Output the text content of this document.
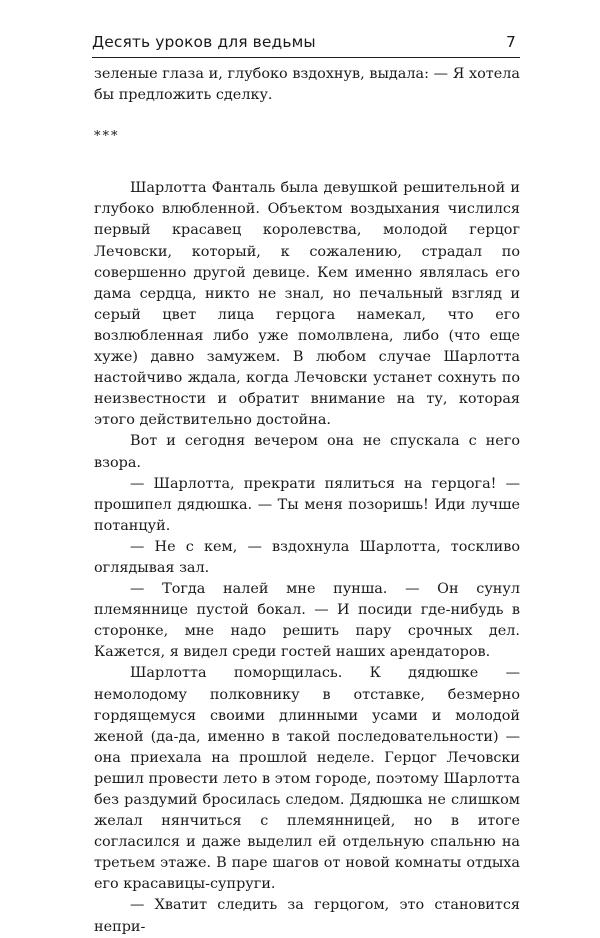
Десять уроков для ведьмы	7

зеленые глаза и, глубоко вздохнув, выдала: — Я хотела бы предложить сделку.

***

Шарлотта Фанталь была девушкой решительной и глубоко влюбленной. Объектом воздыхания числился первый красавец королевства, молодой герцог Лечовски, который, к сожалению, страдал по совершенно другой девице. Кем именно являлась его дама сердца, никто не знал, но печальный взгляд и серый цвет лица герцога намекал, что его возлюбленная либо уже помолвлена, либо (что еще хуже) давно замужем. В любом случае Шарлотта настойчиво ждала, когда Лечовски устанет сохнуть по неизвестности и обратит внимание на ту, которая этого действительно достойна.

Вот и сегодня вечером она не спускала с него взора.

— Шарлотта, прекрати пялиться на герцога! — прошипел дядюшка. — Ты меня позоришь! Иди лучше потанцуй.

— Не с кем, — вздохнула Шарлотта, тоскливо оглядывая зал.

— Тогда налей мне пунша. — Он сунул племяннице пустой бокал. — И посиди где-нибудь в сторонке, мне надо решить пару срочных дел. Кажется, я видел среди гостей наших арендаторов.

Шарлотта поморщилась. К дядюшке — немолодому полковнику в отставке, безмерно гордящемуся своими длинными усами и молодой женой (да-да, именно в такой последовательности) — она приехала на прошлой неделе. Герцог Лечовски решил провести лето в этом городе, поэтому Шарлотта без раздумий бросилась следом. Дядюшка не слишком желал нянчиться с племянницей, но в итоге согласился и даже выделил ей отдельную спальню на третьем этаже. В паре шагов от новой комнаты отдыха его красавицы-супруги.

— Хватит следить за герцогом, это становится непри-
